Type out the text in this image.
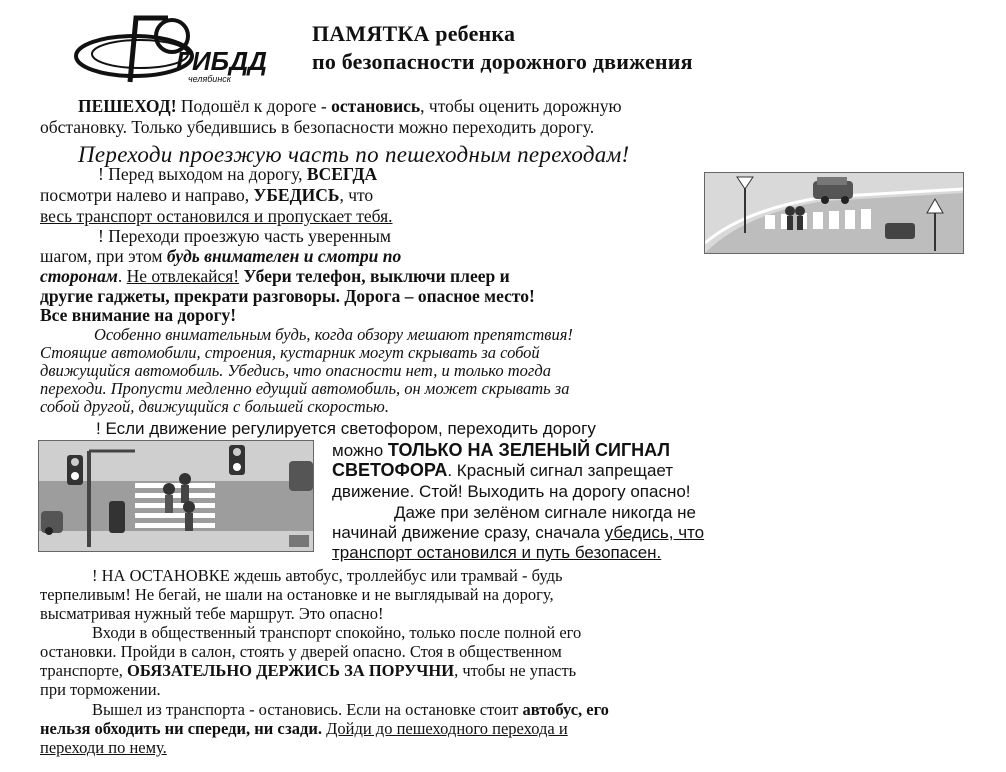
ГИБДД
челябинск
ПАМЯТКА ребенка
по безопасности дорожного движения
ПЕШЕХОД! Подошёл к дороге - остановись, чтобы оценить дорожную
обстановку. Только убедившись в безопасности можно переходить дорогу.
Переходи проезжую часть по пешеходным переходам!
! Перед выходом на дорогу, ВСЕГДА
посмотри налево и направо, УБЕДИСЬ, что
весь транспорт остановился и пропускает тебя.
! Переходи проезжую часть уверенным
шагом, при этом будь внимателен и смотри по
сторонам. Не отвлекайся! Убери телефон, выключи плеер и
другие гаджеты, прекрати разговоры. Дорога – опасное место!
Все внимание на дорогу!
Особенно внимательным будь, когда обзору мешают препятствия!
Стоящие автомобили, строения, кустарник могут скрывать за собой
движущийся автомобиль. Убедись, что опасности нет, и только тогда
переходи. Пропусти медленно едущий автомобиль, он может скрывать за
собой другой, движущийся с большей скоростью.
! Если движение регулируется светофором, переходить дорогу
можно ТОЛЬКО НА ЗЕЛЕНЫЙ СИГНАЛ
СВЕТОФОРА. Красный сигнал запрещает
движение. Стой! Выходить на дорогу опасно!
Даже при зелёном сигнале никогда не
начинай движение сразу, сначала убедись, что
транспорт остановился и путь безопасен.
! НА ОСТАНОВКЕ ждешь автобус, троллейбус или трамвай - будь
терпеливым! Не бегай, не шали на остановке и не выглядывай на дорогу,
высматривая нужный тебе маршрут. Это опасно!
Входи в общественный транспорт спокойно, только после полной его
остановки. Пройди в салон, стоять у дверей опасно. Стоя в общественном
транспорте, ОБЯЗАТЕЛЬНО ДЕРЖИСЬ ЗА ПОРУЧНИ, чтобы не упасть
при торможении.
Вышел из транспорта - остановись. Если на остановке стоит автобус, его
нельзя обходить ни спереди, ни сзади. Дойди до пешеходного перехода и
переходи по нему.
